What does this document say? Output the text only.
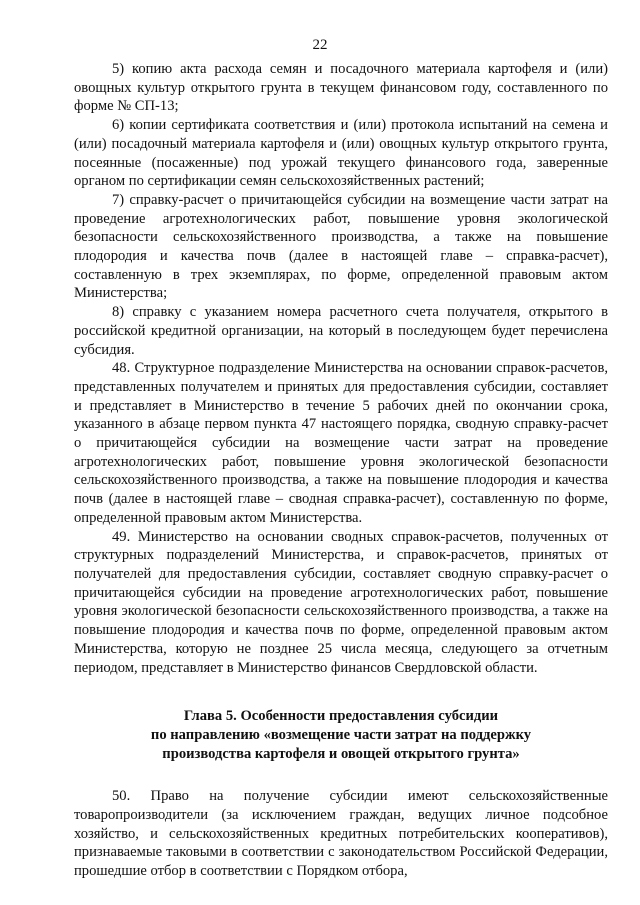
22

5) копию акта расхода семян и посадочного материала картофеля и (или) овощных культур открытого грунта в текущем финансовом году, составленного по форме № СП-13;

6) копии сертификата соответствия и (или) протокола испытаний на семена и (или) посадочный материала картофеля и (или) овощных культур открытого грунта, посеянные (посаженные) под урожай текущего финансового года, заверенные органом по сертификации семян сельскохозяйственных растений;

7) справку-расчет о причитающейся субсидии на возмещение части затрат на проведение агротехнологических работ, повышение уровня экологической безопасности сельскохозяйственного производства, а также на повышение плодородия и качества почв (далее в настоящей главе – справка-расчет), составленную в трех экземплярах, по форме, определенной правовым актом Министерства;

8) справку с указанием номера расчетного счета получателя, открытого в российской кредитной организации, на который в последующем будет перечислена субсидия.

48. Структурное подразделение Министерства на основании справок-расчетов, представленных получателем и принятых для предоставления субсидии, составляет и представляет в Министерство в течение 5 рабочих дней по окончании срока, указанного в абзаце первом пункта 47 настоящего порядка, сводную справку-расчет о причитающейся субсидии на возмещение части затрат на проведение агротехнологических работ, повышение уровня экологической безопасности сельскохозяйственного производства, а также на повышение плодородия и качества почв (далее в настоящей главе – сводная справка-расчет), составленную по форме, определенной правовым актом Министерства.

49. Министерство на основании сводных справок-расчетов, полученных от структурных подразделений Министерства, и справок-расчетов, принятых от получателей для предоставления субсидии, составляет сводную справку-расчет о причитающейся субсидии на проведение агротехнологических работ, повышение уровня экологической безопасности сельскохозяйственного производства, а также на повышение плодородия и качества почв по форме, определенной правовым актом Министерства, которую не позднее 25 числа месяца, следующего за отчетным периодом, представляет в Министерство финансов Свердловской области.

Глава 5. Особенности предоставления субсидии
по направлению «возмещение части затрат на поддержку
производства картофеля и овощей открытого грунта»

50. Право на получение субсидии имеют сельскохозяйственные товаропроизводители (за исключением граждан, ведущих личное подсобное хозяйство, и сельскохозяйственных кредитных потребительских кооперативов), признаваемые таковыми в соответствии с законодательством Российской Федерации, прошедшие отбор в соответствии с Порядком отбора,
